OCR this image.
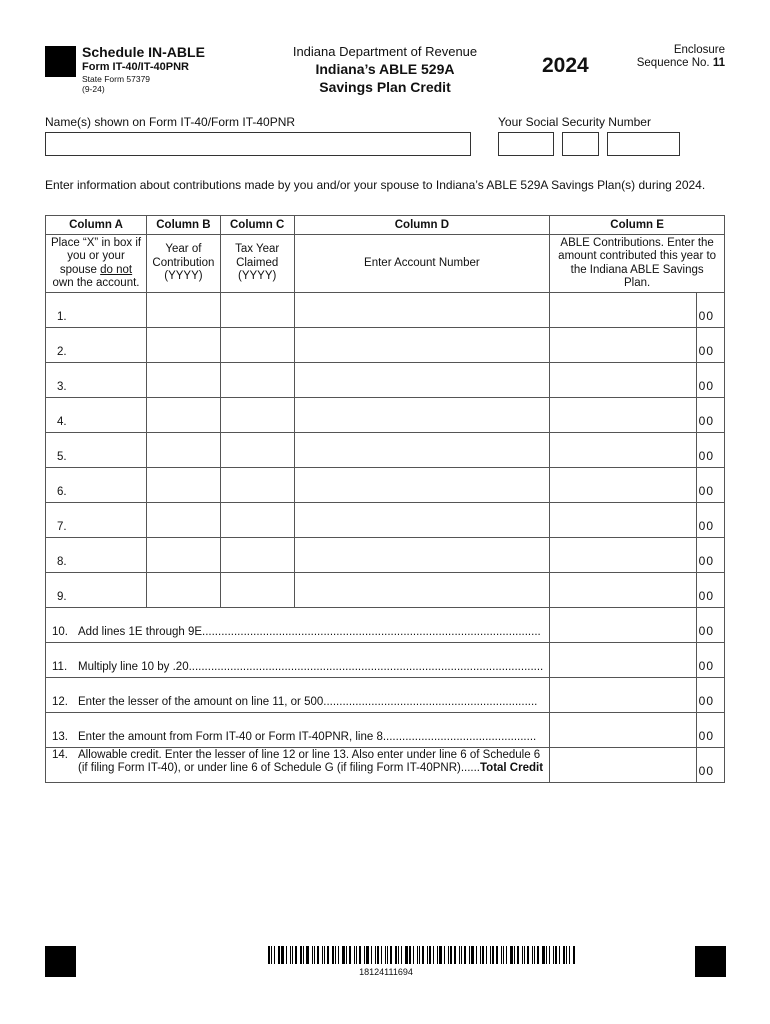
Schedule IN-ABLE
Form IT-40/IT-40PNR
State Form 57379
(9-24)
Indiana Department of Revenue
Indiana’s ABLE 529A
Savings Plan Credit
2024
Enclosure
Sequence No. 11
Name(s) shown on Form IT-40/Form IT-40PNR	Your Social Security Number
Enter information about contributions made by you and/or your spouse to Indiana’s ABLE 529A Savings Plan(s) during 2024.
Column A	Column B	Column C	Column D	Column E	
Place “X” in box if you or your spouse do not own the account.	Year of Contribution (YYYY)	Tax Year Claimed (YYYY)	Enter Account Number	ABLE Contributions. Enter the amount contributed this year to the Indiana ABLE Savings Plan.	
1.					00
2.					00
3.					00
4.					00
5.					00
6.					00
7.					00
8.					00
9.					00
10. Add lines 1E through 9E..........................................................................................................					00
11. Multiply line 10 by .20...............................................................................................................					00
12. Enter the lesser of the amount on line 11, or 500...................................................................					00
13. Enter the amount from Form IT-40 or Form IT-40PNR, line 8................................................					00

14. Allowable credit. Enter the lesser of line 12 or line 13. Also enter under line 6 of Schedule 6
(if filing Form IT-40), or under line 6 of Schedule G (if filing Form IT-40PNR)......Total Credit					00
18124111694
